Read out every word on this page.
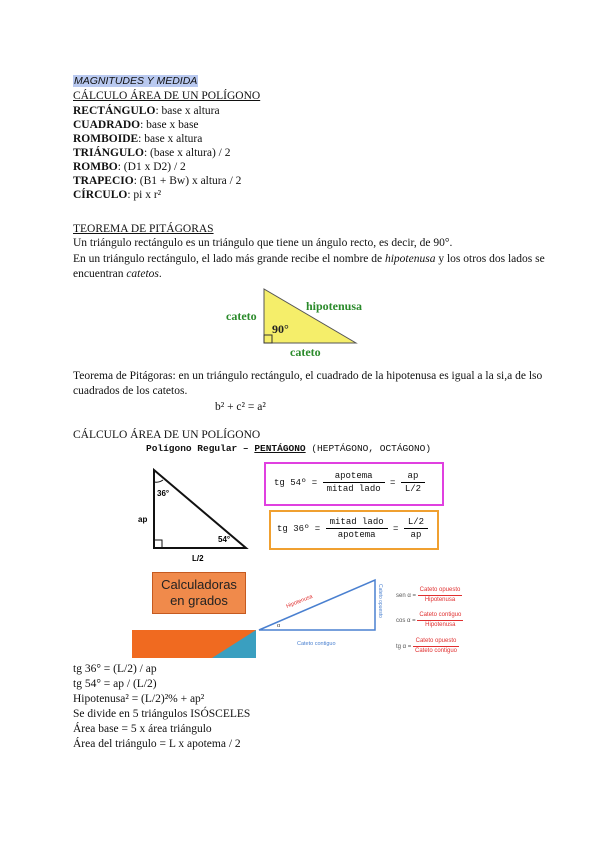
MAGNITUDES Y MEDIDA
CÁLCULO ÁREA DE UN POLÍGONO
RECTÁNGULO: base x altura
CUADRADO: base x base
ROMBOIDE: base x altura
TRIÁNGULO: (base x altura) / 2
ROMBO: (D1 x D2) / 2
TRAPECIO: (B1 + Bw) x altura / 2
CÍRCULO: pi x r²
TEOREMA DE PITÁGORAS
Un triángulo rectángulo es un triángulo que tiene un ángulo recto, es decir, de 90°.
En un triángulo rectángulo, el lado más grande recibe el nombre de hipotenusa y los otros dos lados se
encuentran catetos.
cateto
hipotenusa
90°
cateto
Teorema de Pitágoras: en un triángulo rectángulo, el cuadrado de la hipotenusa es igual a la si,a de lso
cuadrados de los catetos.
b² + c² = a²
CÁLCULO ÁREA DE UN POLÍGONO
Polígono Regular – PENTÁGONO (HEPTÁGONO, OCTÁGONO)
36°
54°
ap
L/2
tg 54º = $\frac{\text{apotema}}{\text{mitad lado}} = \frac{ap}{L/2}$
tg 36º = $\frac{\text{mitad lado}}{\text{apotema}} = \frac{L/2}{ap}$
Calculadoras
en grados	Hipotenusa	Cateto opuesto
Cateto contiguo
α
sen α =
Cateto opuesto
Hipotenusa
cos α =
Cateto contiguo
Hipotenusa
tg α =
Cateto opuesto
Cateto contiguo
tg 36° = (L/2) / ap
tg 54° = ap / (L/2)
Hipotenusa² = (L/2)²% + ap²
Se divide en 5 triángulos ISÓSCELES
Área base = 5 x área triángulo
Área del triángulo = L x apotema / 2
